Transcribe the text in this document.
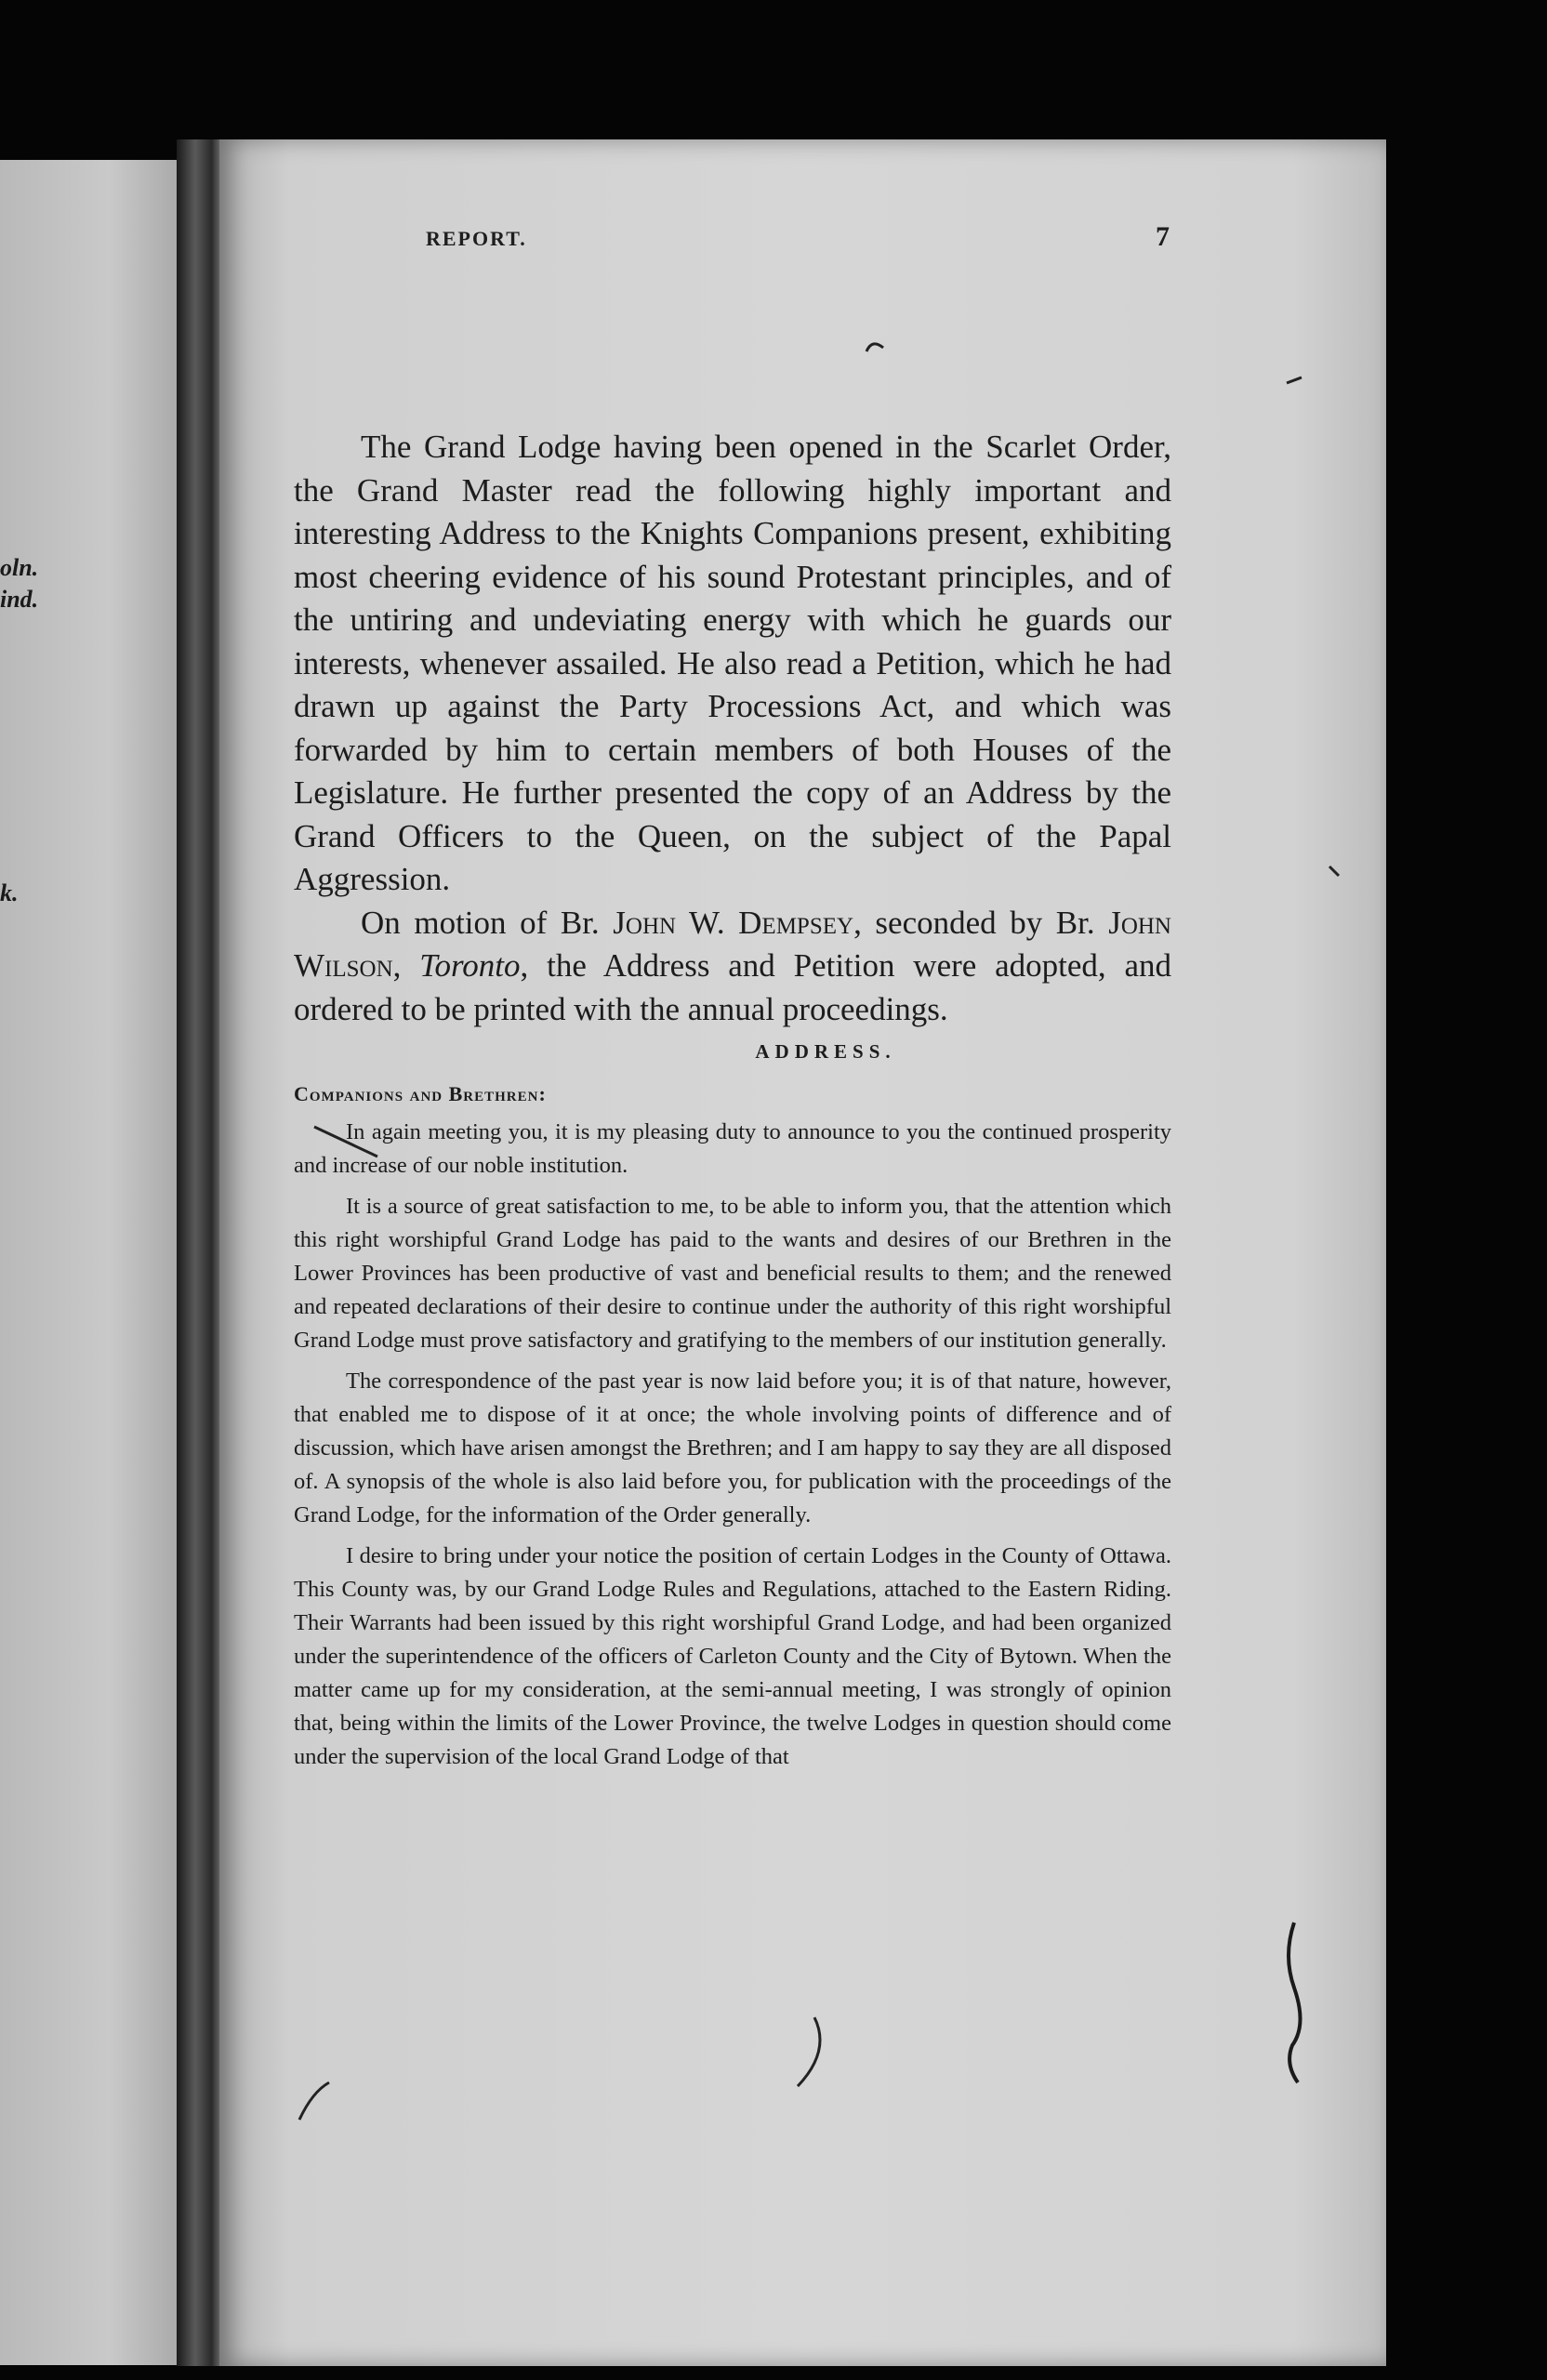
oln.
ind.
k.
REPORT.	7

The Grand Lodge having been opened in the Scarlet Order, the Grand Master read the following highly important and interesting Address to the Knights Companions present, exhibiting most cheering evidence of his sound Protestant principles, and of the untiring and undeviating energy with which he guards our interests, whenever assailed. He also read a Petition, which he had drawn up against the Party Processions Act, and which was forwarded by him to certain members of both Houses of the Legislature. He further presented the copy of an Address by the Grand Officers to the Queen, on the subject of the Papal Aggression.

On motion of Br. John W. Dempsey, seconded by Br. John Wilson, Toronto, the Address and Petition were adopted, and ordered to be printed with the annual proceedings.

ADDRESS.
Companions and Brethren:

In again meeting you, it is my pleasing duty to announce to you the continued prosperity and increase of our noble institution.

It is a source of great satisfaction to me, to be able to inform you, that the attention which this right worshipful Grand Lodge has paid to the wants and desires of our Brethren in the Lower Provinces has been productive of vast and beneficial results to them; and the renewed and repeated declarations of their desire to continue under the authority of this right worshipful Grand Lodge must prove satisfactory and gratifying to the members of our institution generally.

The correspondence of the past year is now laid before you; it is of that nature, however, that enabled me to dispose of it at once; the whole involving points of difference and of discussion, which have arisen amongst the Brethren; and I am happy to say they are all disposed of. A synopsis of the whole is also laid before you, for publication with the proceedings of the Grand Lodge, for the information of the Order generally.

I desire to bring under your notice the position of certain Lodges in the County of Ottawa. This County was, by our Grand Lodge Rules and Regulations, attached to the Eastern Riding. Their Warrants had been issued by this right worshipful Grand Lodge, and had been organized under the superintendence of the officers of Carleton County and the City of Bytown. When the matter came up for my consideration, at the semi-annual meeting, I was strongly of opinion that, being within the limits of the Lower Province, the twelve Lodges in question should come under the supervision of the local Grand Lodge of that
